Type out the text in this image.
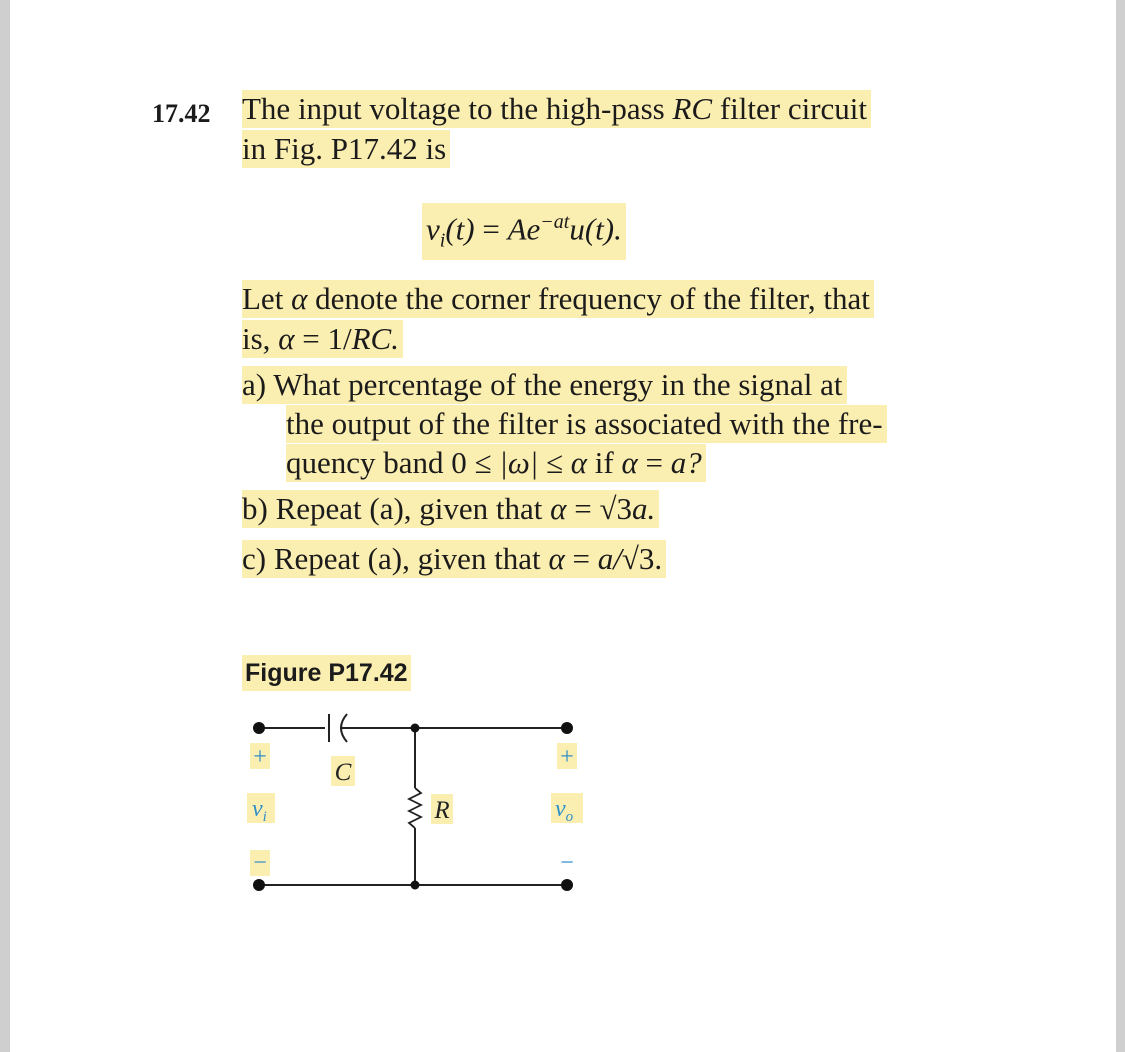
17.42 The input voltage to the high-pass RC filter circuit
in Fig. P17.42 is
$v_i(t) = Ae^{-at}u(t)$.
Let α denote the corner frequency of the filter, that
is, α = 1/RC.
a) What percentage of the energy in the signal at
the output of the filter is associated with the fre-
quency band 0 ≤ |ω| ≤ α if α = a?
b) Repeat (a), given that α = √3a.
c) Repeat (a), given that α = a/√3.
Figure P17.42
+
$v_i$
−
C
R
+
$v_o$
−
